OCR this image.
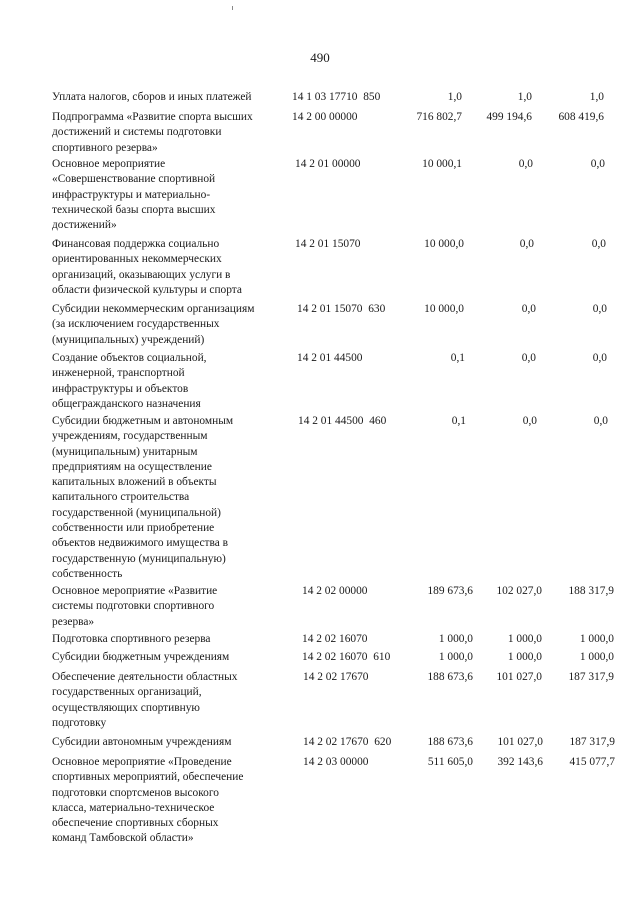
490
Уплата налогов, сборов и иных платежей	14 1 03 17710  850	1,0	1,0	1,0
Подпрограмма «Развитие спорта высших
достижений и системы подготовки
спортивного резерва»
14 2 00 00000	716 802,7	499 194,6	608 419,6
Основное мероприятие
«Совершенствование спортивной
инфраструктуры и материально-
технической базы спорта высших
достижений»
14 2 01 00000	10 000,1	0,0	0,0
Финансовая поддержка социально
ориентированных некоммерческих
организаций, оказывающих услуги в
области физической культуры и спорта
14 2 01 15070	10 000,0	0,0	0,0
Субсидии некоммерческим организациям
(за исключением государственных
(муниципальных) учреждений)
14 2 01 15070  630	10 000,0	0,0	0,0
Создание объектов социальной,
инженерной, транспортной
инфраструктуры и объектов
общегражданского назначения
14 2 01 44500	0,1	0,0	0,0
Субсидии бюджетным и автономным
учреждениям, государственным
(муниципальным) унитарным
предприятиям на осуществление
капитальных вложений в объекты
капитального строительства
государственной (муниципальной)
собственности или приобретение
объектов недвижимого имущества в
государственную (муниципальную)
собственность
14 2 01 44500  460	0,1	0,0	0,0
Основное мероприятие «Развитие
системы подготовки спортивного
резерва»
14 2 02 00000	189 673,6	102 027,0	188 317,9
Подготовка спортивного резерва	14 2 02 16070	1 000,0	1 000,0	1 000,0
Субсидии бюджетным учреждениям	14 2 02 16070  610	1 000,0	1 000,0	1 000,0
Обеспечение деятельности областных
государственных организаций,
осуществляющих спортивную
подготовку
14 2 02 17670	188 673,6	101 027,0	187 317,9
Субсидии автономным учреждениям	14 2 02 17670  620	188 673,6	101 027,0	187 317,9
Основное мероприятие «Проведение
спортивных мероприятий, обеспечение
подготовки спортсменов высокого
класса, материально-техническое
обеспечение спортивных сборных
команд Тамбовской области»
14 2 03 00000	511 605,0	392 143,6	415 077,7
